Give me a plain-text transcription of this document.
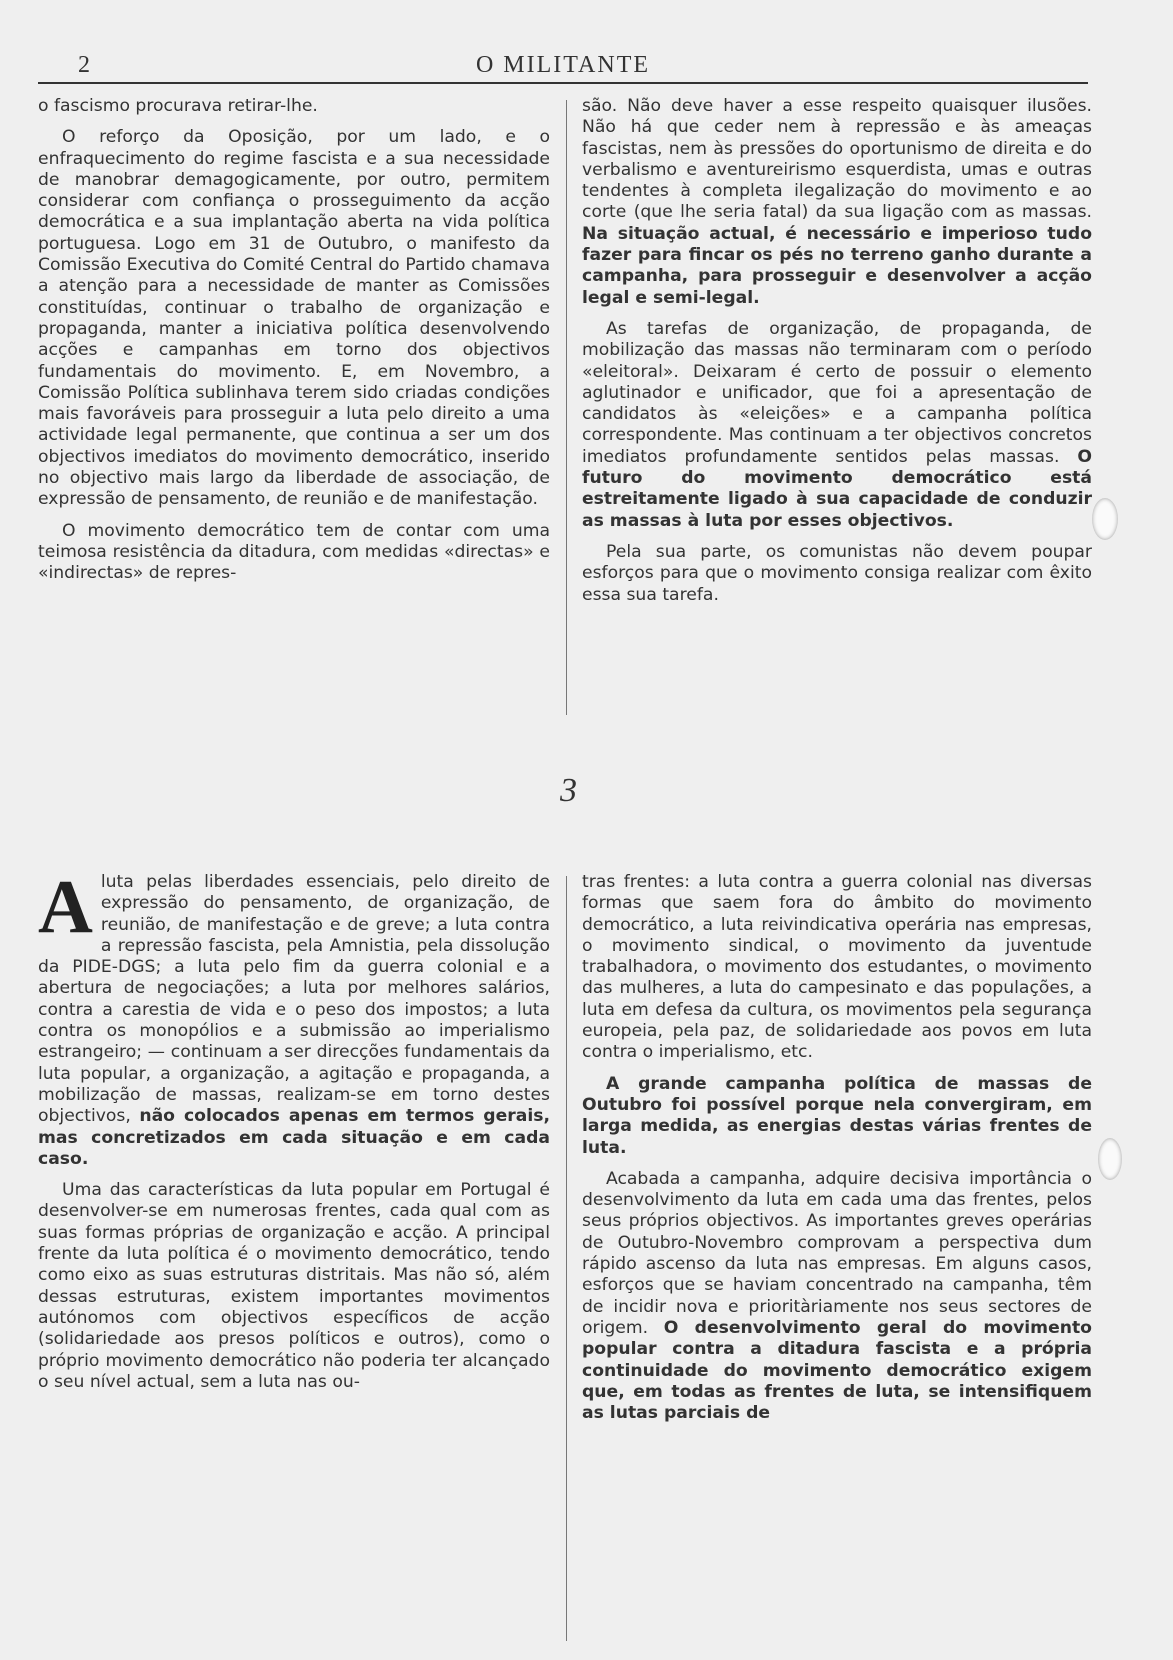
2	O MILITANTE

o fascismo procurava retirar-lhe.

O reforço da Oposição, por um lado, e o enfraquecimento do regime fascista e a sua necessidade de manobrar demagogicamente, por outro, permitem considerar com confiança o prosseguimento da acção democrática e a sua implantação aberta na vida política portuguesa. Logo em 31 de Outubro, o manifesto da Comissão Executiva do Comité Central do Partido chamava a atenção para a necessidade de manter as Comissões constituídas, continuar o trabalho de organização e propaganda, manter a iniciativa política desenvolvendo acções e campanhas em torno dos objectivos fundamentais do movimento. E, em Novembro, a Comissão Política sublinhava terem sido criadas condições mais favoráveis para prosseguir a luta pelo direito a uma actividade legal permanente, que continua a ser um dos objectivos imediatos do movimento democrático, inserido no objectivo mais largo da liberdade de associação, de expressão de pensamento, de reunião e de manifestação.

O movimento democrático tem de contar com uma teimosa resistência da ditadura, com medidas «directas» e «indirectas» de repres-

são. Não deve haver a esse respeito quaisquer ilusões. Não há que ceder nem à repressão e às ameaças fascistas, nem às pressões do oportunismo de direita e do verbalismo e aventureirismo esquerdista, umas e outras tendentes à completa ilegalização do movimento e ao corte (que lhe seria fatal) da sua ligação com as massas. Na situação actual, é necessário e imperioso tudo fazer para fincar os pés no terreno ganho durante a campanha, para prosseguir e desenvolver a acção legal e semi-legal.

As tarefas de organização, de propaganda, de mobilização das massas não terminaram com o período «eleitoral». Deixaram é certo de possuir o elemento aglutinador e unificador, que foi a apresentação de candidatos às «eleições» e a campanha política correspondente. Mas continuam a ter objectivos concretos imediatos profundamente sentidos pelas massas. O futuro do movimento democrático está estreitamente ligado à sua capacidade de conduzir as massas à luta por esses objectivos.

Pela sua parte, os comunistas não devem poupar esforços para que o movimento consiga realizar com êxito essa sua tarefa.

3

Aluta pelas liberdades essenciais, pelo direito de expressão do pensamento, de organização, de reunião, de manifestação e de greve; a luta contra a repressão fascista, pela Amnistia, pela dissolução da PIDE-DGS; a luta pelo fim da guerra colonial e a abertura de negociações; a luta por melhores salários, contra a carestia de vida e o peso dos impostos; a luta contra os monopólios e a submissão ao imperialismo estrangeiro; — continuam a ser direcções fundamentais da luta popular, a organização, a agitação e propaganda, a mobilização de massas, realizam-se em torno destes objectivos, não colocados apenas em termos gerais, mas concretizados em cada situação e em cada caso.

Uma das características da luta popular em Portugal é desenvolver-se em numerosas frentes, cada qual com as suas formas próprias de organização e acção. A principal frente da luta política é o movimento democrático, tendo como eixo as suas estruturas distritais. Mas não só, além dessas estruturas, existem importantes movimentos autónomos com objectivos específicos de acção (solidariedade aos presos políticos e outros), como o próprio movimento democrático não poderia ter alcançado o seu nível actual, sem a luta nas ou-

tras frentes: a luta contra a guerra colonial nas diversas formas que saem fora do âmbito do movimento democrático, a luta reivindicativa operária nas empresas, o movimento sindical, o movimento da juventude trabalhadora, o movimento dos estudantes, o movimento das mulheres, a luta do campesinato e das populações, a luta em defesa da cultura, os movimentos pela segurança europeia, pela paz, de solidariedade aos povos em luta contra o imperialismo, etc.

A grande campanha política de massas de Outubro foi possível porque nela convergiram, em larga medida, as energias destas várias frentes de luta.

Acabada a campanha, adquire decisiva importância o desenvolvimento da luta em cada uma das frentes, pelos seus próprios objectivos. As importantes greves operárias de Outubro-Novembro comprovam a perspectiva dum rápido ascenso da luta nas empresas. Em alguns casos, esforços que se haviam concentrado na campanha, têm de incidir nova e prioritàriamente nos seus sectores de origem. O desenvolvimento geral do movimento popular contra a ditadura fascista e a própria continuidade do movimento democrático exigem que, em todas as frentes de luta, se intensifiquem as lutas parciais de
